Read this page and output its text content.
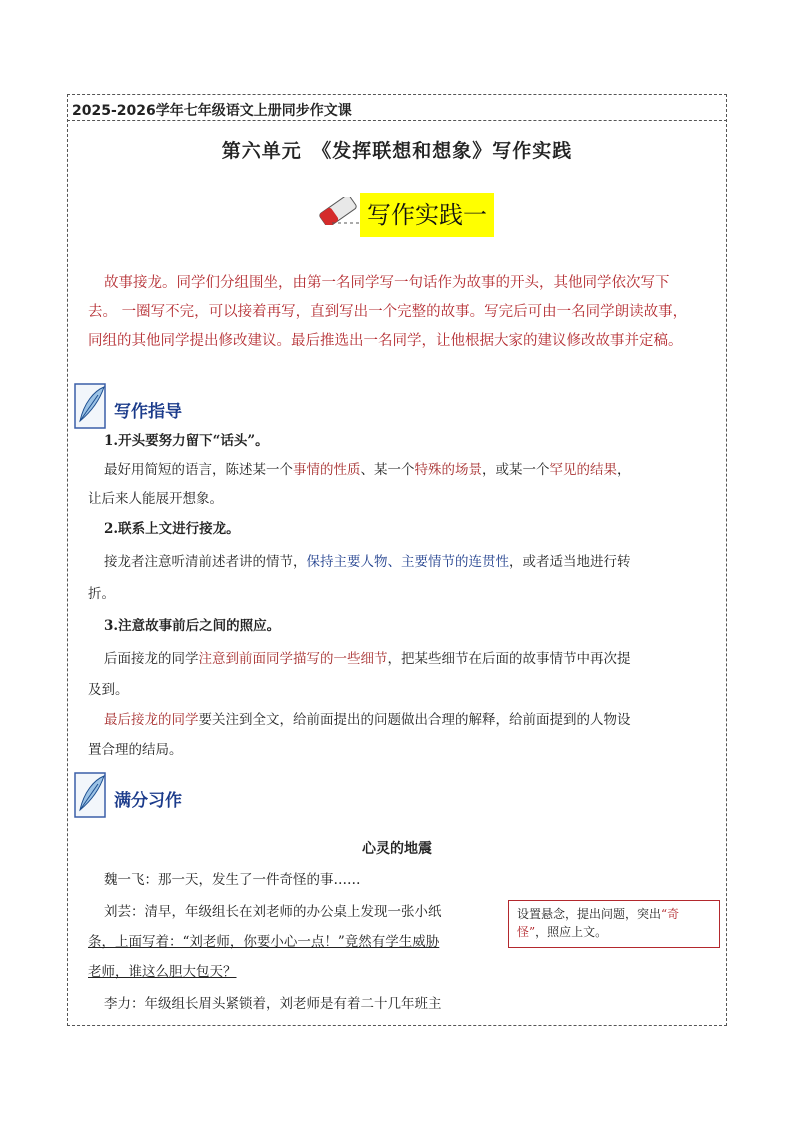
2025-2026学年七年级语文上册同步作文课
第六单元　《发挥联想和想象》写作实践
写作实践一
故事接龙。同学们分组围坐，由第一名同学写一句话作为故事的开头，其他同学依次写下
去。 一圈写不完，可以接着再写，直到写出一个完整的故事。写完后可由一名同学朗读故事，
同组的其他同学提出修改建议。最后推选出一名同学，让他根据大家的建议修改故事并定稿。
写作指导
1.开头要努力留下“话头”。
最好用简短的语言，陈述某一个事情的性质、某一个特殊的场景，或某一个罕见的结果，
让后来人能展开想象。
2.联系上文进行接龙。
接龙者注意听清前述者讲的情节，保持主要人物、主要情节的连贯性，或者适当地进行转
折。
3.注意故事前后之间的照应。
后面接龙的同学注意到前面同学描写的一些细节，把某些细节在后面的故事情节中再次提
及到。
最后接龙的同学要关注到全文，给前面提出的问题做出合理的解释，给前面提到的人物设
置合理的结局。
满分习作
心灵的地震
魏一飞：那一天，发生了一件奇怪的事……
刘芸：清早，年级组长在刘老师的办公桌上发现一张小纸
条，上面写着：“刘老师，你要小心一点！”竟然有学生威胁
老师，谁这么胆大包天？
李力：年级组长眉头紧锁着，刘老师是有着二十几年班主
设置悬念，提出问题，突出“奇
怪”，照应上文。
